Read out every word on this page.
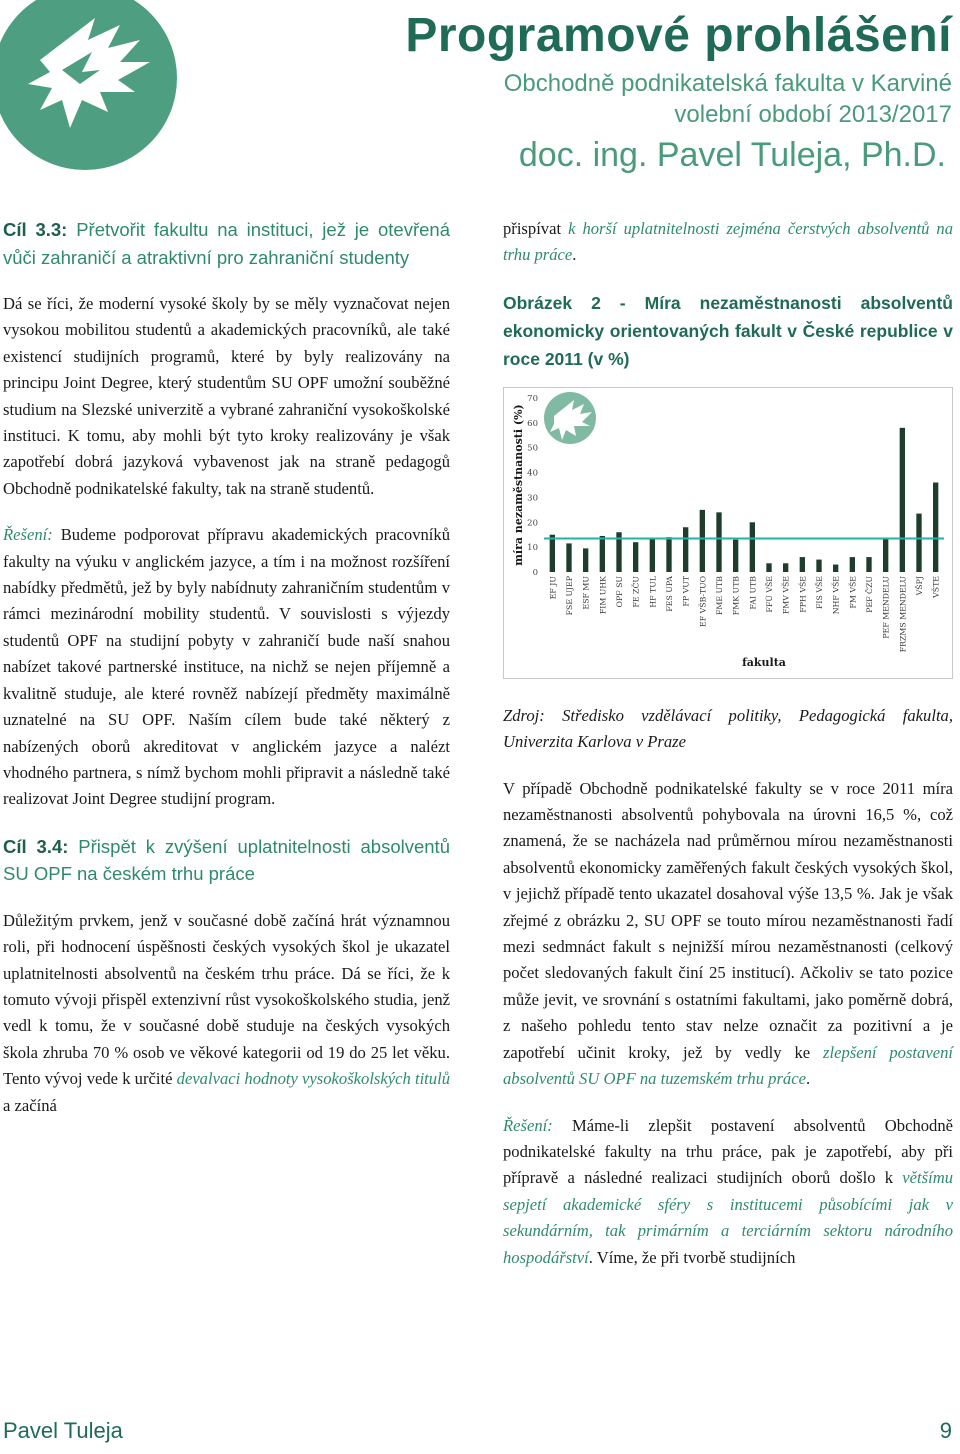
Programové prohlášení
Obchodně podnikatelská fakulta v Karviné
volební období 2013/2017
doc. ing. Pavel Tuleja, Ph.D.

Cíl 3.3: Přetvořit fakultu na instituci, jež je otevřená vůči zahraničí a atraktivní pro zahraniční studenty

Dá se říci, že moderní vysoké školy by se měly vyznačovat nejen vysokou mobilitou studentů a akademických pracovníků, ale také existencí studijních programů, které by byly realizovány na principu Joint Degree, který studentům SU OPF umožní souběžné studium na Slezské univerzitě a vybrané zahraniční vysokoškolské instituci. K tomu, aby mohli být tyto kroky realizovány je však zapotřebí dobrá jazyková vybavenost jak na straně pedagogů Obchodně podnikatelské fakulty, tak na straně studentů.

Řešení: Budeme podporovat přípravu akademických pracovníků fakulty na výuku v anglickém jazyce, a tím i na možnost rozšíření nabídky předmětů, jež by byly nabídnuty zahraničním studentům v rámci mezinárodní mobility studentů. V souvislosti s výjezdy studentů OPF na studijní pobyty v zahraničí bude naší snahou nabízet takové partnerské instituce, na nichž se nejen příjemně a kvalitně studuje, ale které rovněž nabízejí předměty maximálně uznatelné na SU OPF. Naším cílem bude také některý z nabízených oborů akreditovat v anglickém jazyce a nalézt vhodného partnera, s nímž bychom mohli připravit a následně také realizovat Joint Degree studijní program.

Cíl 3.4: Přispět k zvýšení uplatnitelnosti absolventů SU OPF na českém trhu práce

Důležitým prvkem, jenž v současné době začíná hrát významnou roli, při hodnocení úspěšnosti českých vysokých škol je ukazatel uplatnitelnosti absolventů na českém trhu práce. Dá se říci, že k tomuto vývoji přispěl extenzivní růst vysokoškolského studia, jenž vedl k tomu, že v současné době studuje na českých vysokých škola zhruba 70 % osob ve věkové kategorii od 19 do 25 let věku. Tento vývoj vede k určité devalvaci hodnoty vysokoškolských titulů a začíná

přispívat k horší uplatnitelnosti zejména čerstvých absolventů na trhu práce.

Obrázek 2 - Míra nezaměstnanosti absolventů ekonomicky orientovaných fakult v České republice v roce 2011 (v %)

0
10
20
30
40
50
60
70
míra nezaměstnanosti (%)
EF JU FSE UJEP ESF MU FIM UHK OPF SU FE ZČU HF TUL FES UPA FP VUT EF VŠB-TUO FME UTB FMK UTB FAI UTB FFÚ VŠE FMV VŠE FPH VŠE FIS VŠE NHF VŠE FM VŠE PEF ČZU PEF MENDELU FRZMS MENDELU VŠPJ VŠTE
fakulta

Zdroj: Středisko vzdělávací politiky, Pedagogická fakulta, Univerzita Karlova v Praze

V případě Obchodně podnikatelské fakulty se v roce 2011 míra nezaměstnanosti absolventů pohybovala na úrovni 16,5 %, což znamená, že se nacházela nad průměrnou mírou nezaměstnanosti absolventů ekonomicky zaměřených fakult českých vysokých škol, v jejichž případě tento ukazatel dosahoval výše 13,5 %. Jak je však zřejmé z obrázku 2, SU OPF se touto mírou nezaměstnanosti řadí mezi sedmnáct fakult s nejnižší mírou nezaměstnanosti (celkový počet sledovaných fakult činí 25 institucí). Ačkoliv se tato pozice může jevit, ve srovnání s ostatními fakultami, jako poměrně dobrá, z našeho pohledu tento stav nelze označit za pozitivní a je zapotřebí učinit kroky, jež by vedly ke zlepšení postavení absolventů SU OPF na tuzemském trhu práce.

Řešení: Máme-li zlepšit postavení absolventů Obchodně podnikatelské fakulty na trhu práce, pak je zapotřebí, aby při přípravě a následné realizaci studijních oborů došlo k většímu sepjetí akademické sféry s institucemi působícími jak v sekundárním, tak primárním a terciárním sektoru národního hospodářství. Víme, že při tvorbě studijních

Pavel Tuleja	9
